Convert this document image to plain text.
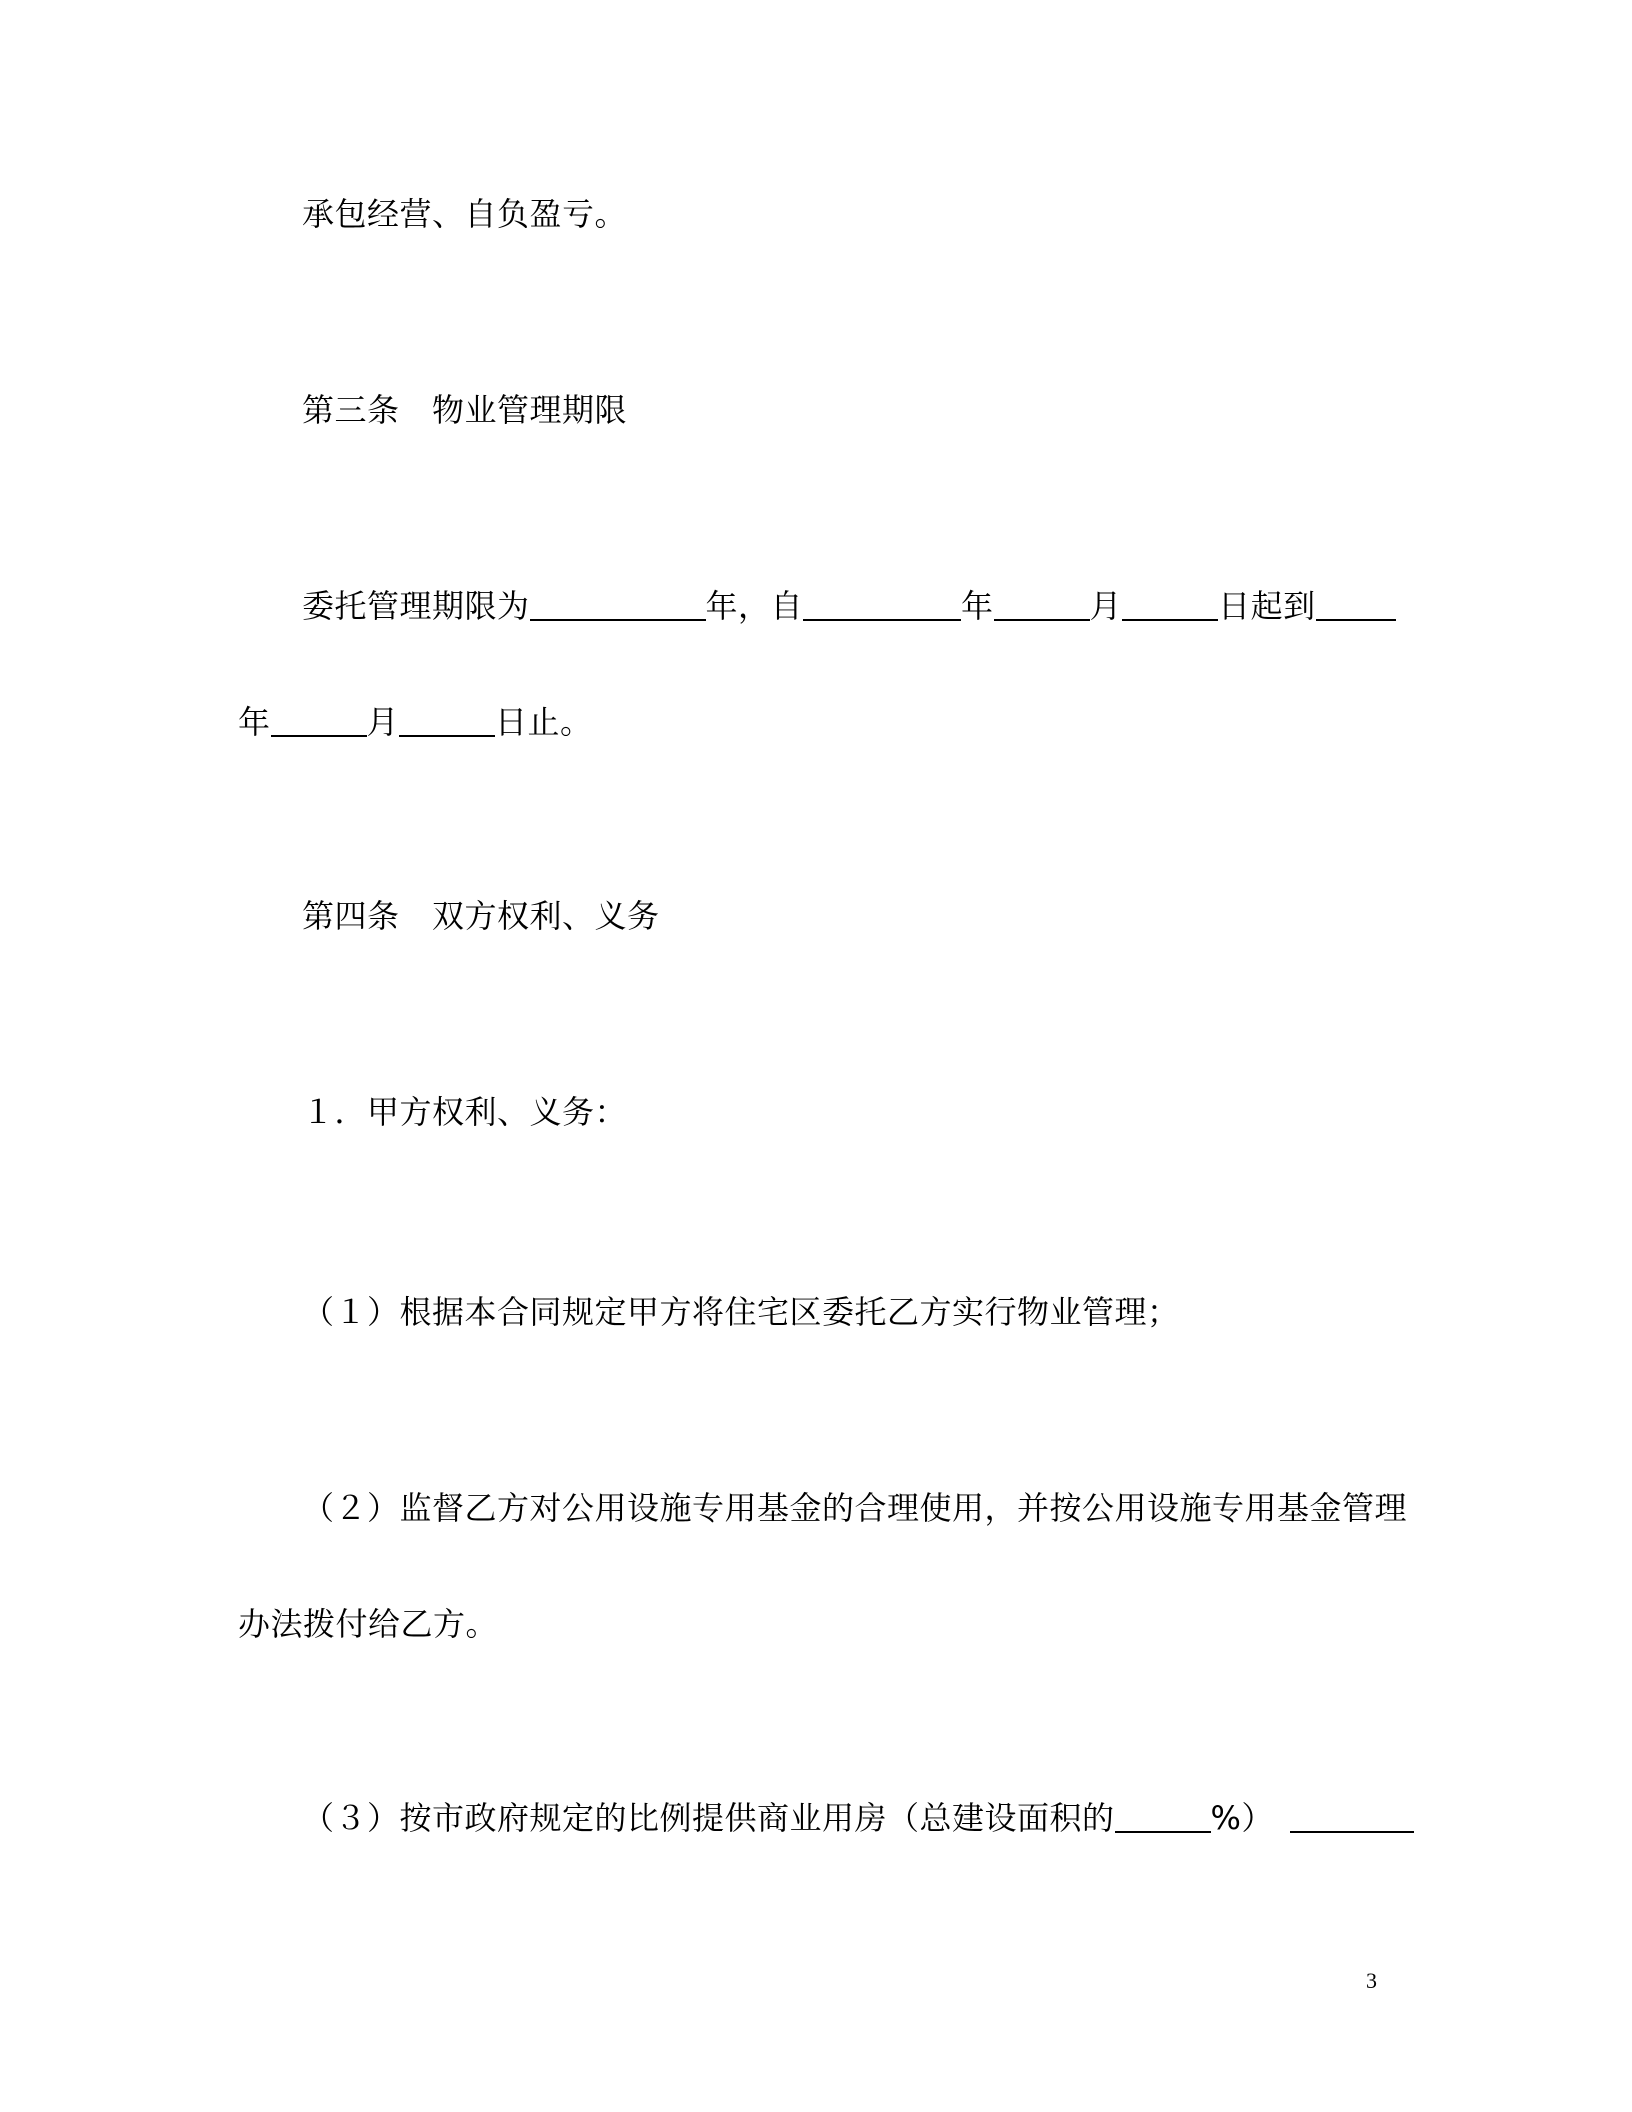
承包经营、自负盈亏。
第三条　物业管理期限
委托管理期限为	年，自	年	月	日起到
年	月	日止。
第四条　双方权利、义务
１．甲方权利、义务：
（１）根据本合同规定甲方将住宅区委托乙方实行物业管理；
（２）监督乙方对公用设施专用基金的合理使用，并按公用设施专用基金管理
办法拨付给乙方。
（３）按市政府规定的比例提供商业用房（总建设面积的	%）
3
